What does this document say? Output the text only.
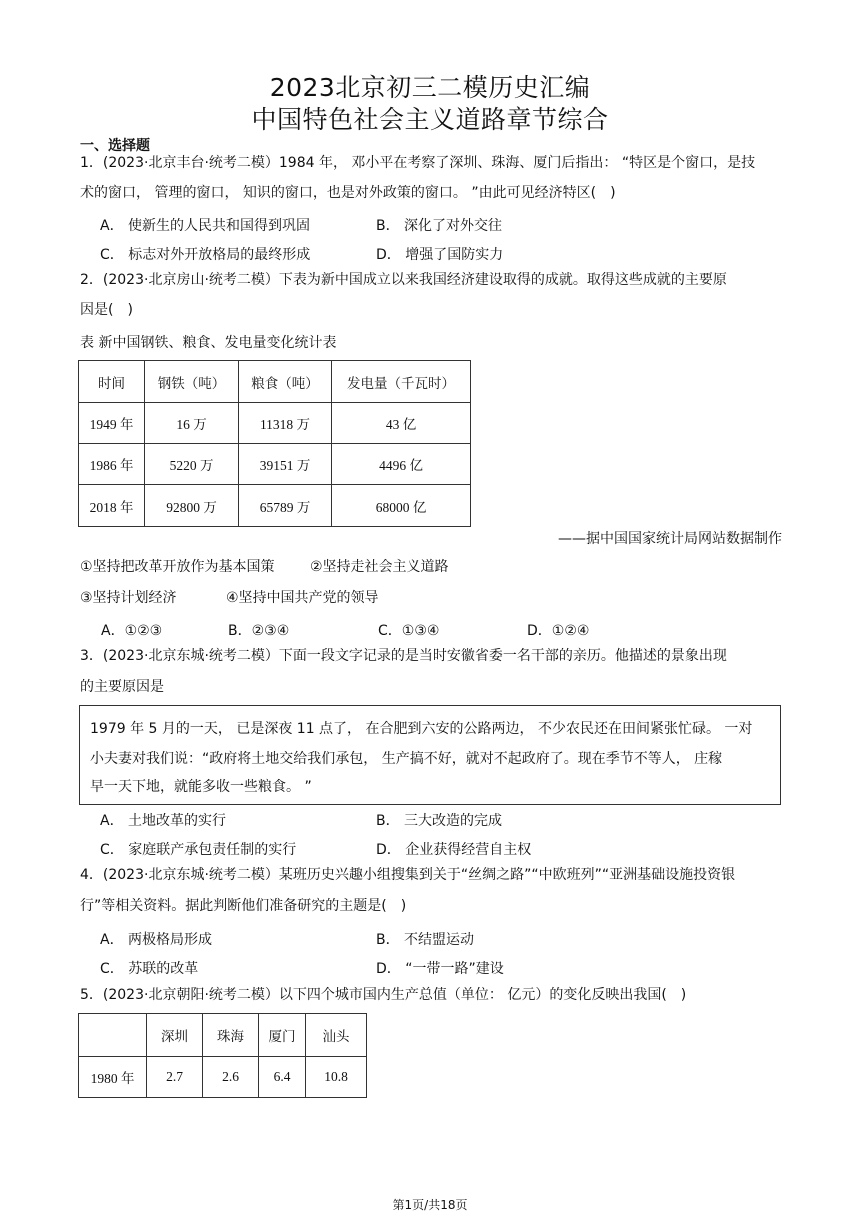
2023北京初三二模历史汇编
中国特色社会主义道路章节综合
一、选择题
1．(2023·北京丰台·统考二模）1984 年， 邓小平在考察了深圳、珠海、厦门后指出： “特区是个窗口，是技
术的窗口， 管理的窗口， 知识的窗口，也是对外政策的窗口。 ”由此可见经济特区(　)
A． 使新生的人民共和国得到巩固	B． 深化了对外交往
C． 标志对外开放格局的最终形成	D． 增强了国防实力
2．(2023·北京房山·统考二模）下表为新中国成立以来我国经济建设取得的成就。取得这些成就的主要原
因是(　)
表 新中国钢铁、粮食、发电量变化统计表
时间	钢铁（吨）	粮食（吨）	发电量（千瓦时）
1949 年	16 万	11318 万	43 亿
1986 年	5220 万	39151 万	4496 亿
2018 年	92800 万	65789 万	68000 亿
——据中国国家统计局网站数据制作
①坚持把改革开放作为基本国策	②坚持走社会主义道路
③坚持计划经济	④坚持中国共产党的领导
A．①②③	B．②③④	C．①③④	D．①②④
3．(2023·北京东城·统考二模）下面一段文字记录的是当时安徽省委一名干部的亲历。他描述的景象出现
的主要原因是
1979 年 5 月的一天， 已是深夜 11 点了， 在合肥到六安的公路两边， 不少农民还在田间紧张忙碌。 一对
小夫妻对我们说：“政府将土地交给我们承包， 生产搞不好，就对不起政府了。现在季节不等人， 庄稼
早一天下地，就能多收一些粮食。 ”
A． 土地改革的实行	B． 三大改造的完成
C． 家庭联产承包责任制的实行	D． 企业获得经营自主权
4．(2023·北京东城·统考二模）某班历史兴趣小组搜集到关于“丝绸之路”“中欧班列”“亚洲基础设施投资银
行”等相关资料。据此判断他们准备研究的主题是(　)
A． 两极格局形成	B． 不结盟运动
C． 苏联的改革	D． “一带一路”建设
5．(2023·北京朝阳·统考二模）以下四个城市国内生产总值（单位： 亿元）的变化反映出我国(　)
	深圳	珠海	厦门	汕头
1980 年	2.7	2.6	6.4	10.8
第1页/共18页
